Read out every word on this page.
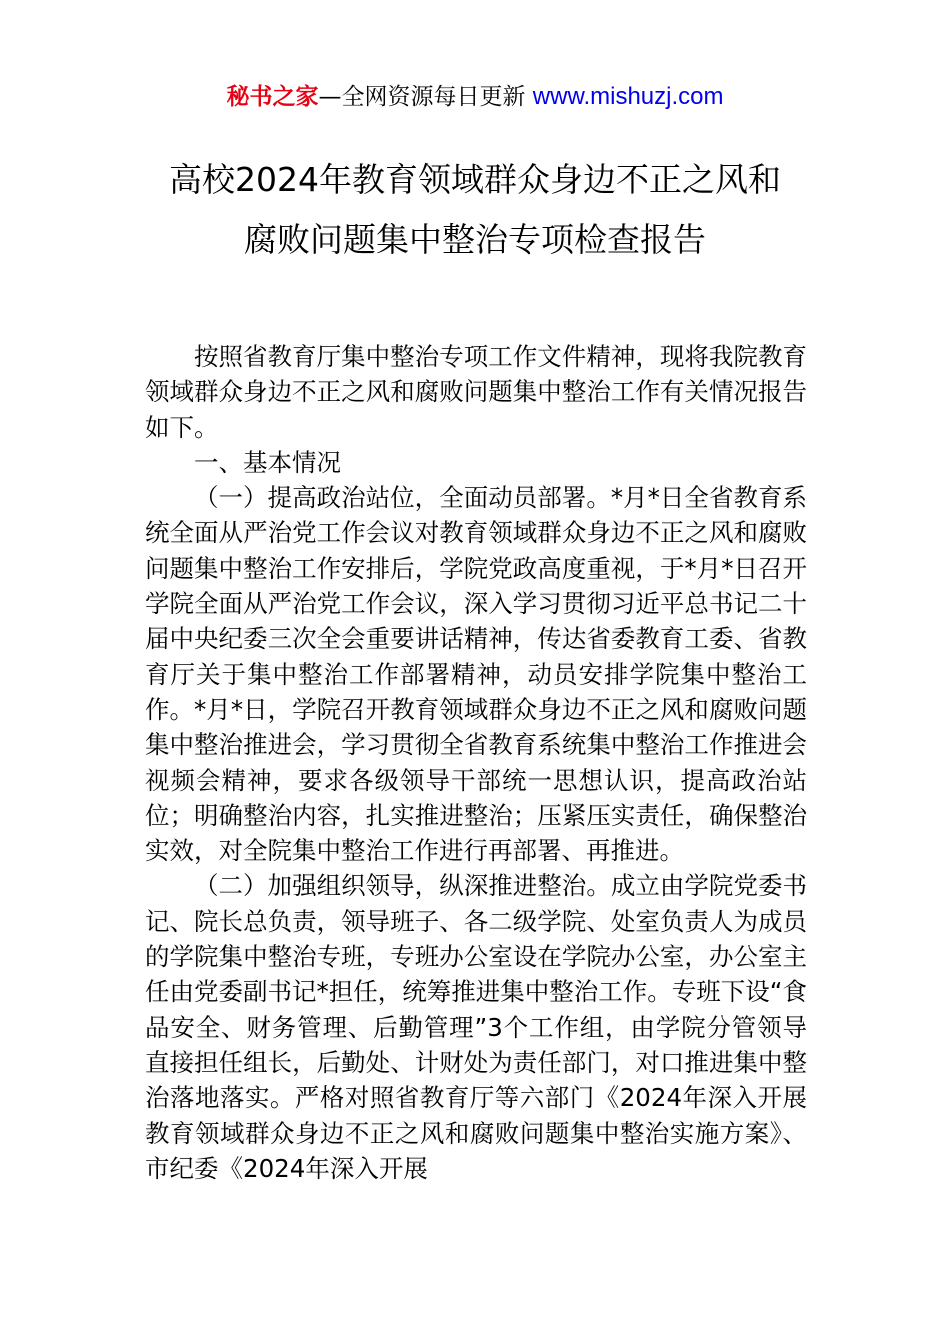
秘书之家—全网资源每日更新 www.mishuzj.com
高校2024年教育领域群众身边不正之风和
腐败问题集中整治专项检查报告

按照省教育厅集中整治专项工作文件精神，现将我院教育领域群众身边不正之风和腐败问题集中整治工作有关情况报告如下。

一、基本情况

（一）提高政治站位，全面动员部署。*月*日全省教育系统全面从严治党工作会议对教育领域群众身边不正之风和腐败问题集中整治工作安排后，学院党政高度重视，于*月*日召开学院全面从严治党工作会议，深入学习贯彻习近平总书记二十届中央纪委三次全会重要讲话精神，传达省委教育工委、省教育厅关于集中整治工作部署精神，动员安排学院集中整治工作。*月*日，学院召开教育领域群众身边不正之风和腐败问题集中整治推进会，学习贯彻全省教育系统集中整治工作推进会视频会精神，要求各级领导干部统一思想认识，提高政治站位；明确整治内容，扎实推进整治；压紧压实责任，确保整治实效，对全院集中整治工作进行再部署、再推进。

（二）加强组织领导，纵深推进整治。成立由学院党委书记、院长总负责，领导班子、各二级学院、处室负责人为成员的学院集中整治专班，专班办公室设在学院办公室，办公室主任由党委副书记*担任，统筹推进集中整治工作。专班下设“食品安全、财务管理、后勤管理”3个工作组，由学院分管领导直接担任组长，后勤处、计财处为责任部门，对口推进集中整治落地落实。严格对照省教育厅等六部门《2024年深入开展教育领域群众身边不正之风和腐败问题集中整治实施方案》、市纪委《2024年深入开展
